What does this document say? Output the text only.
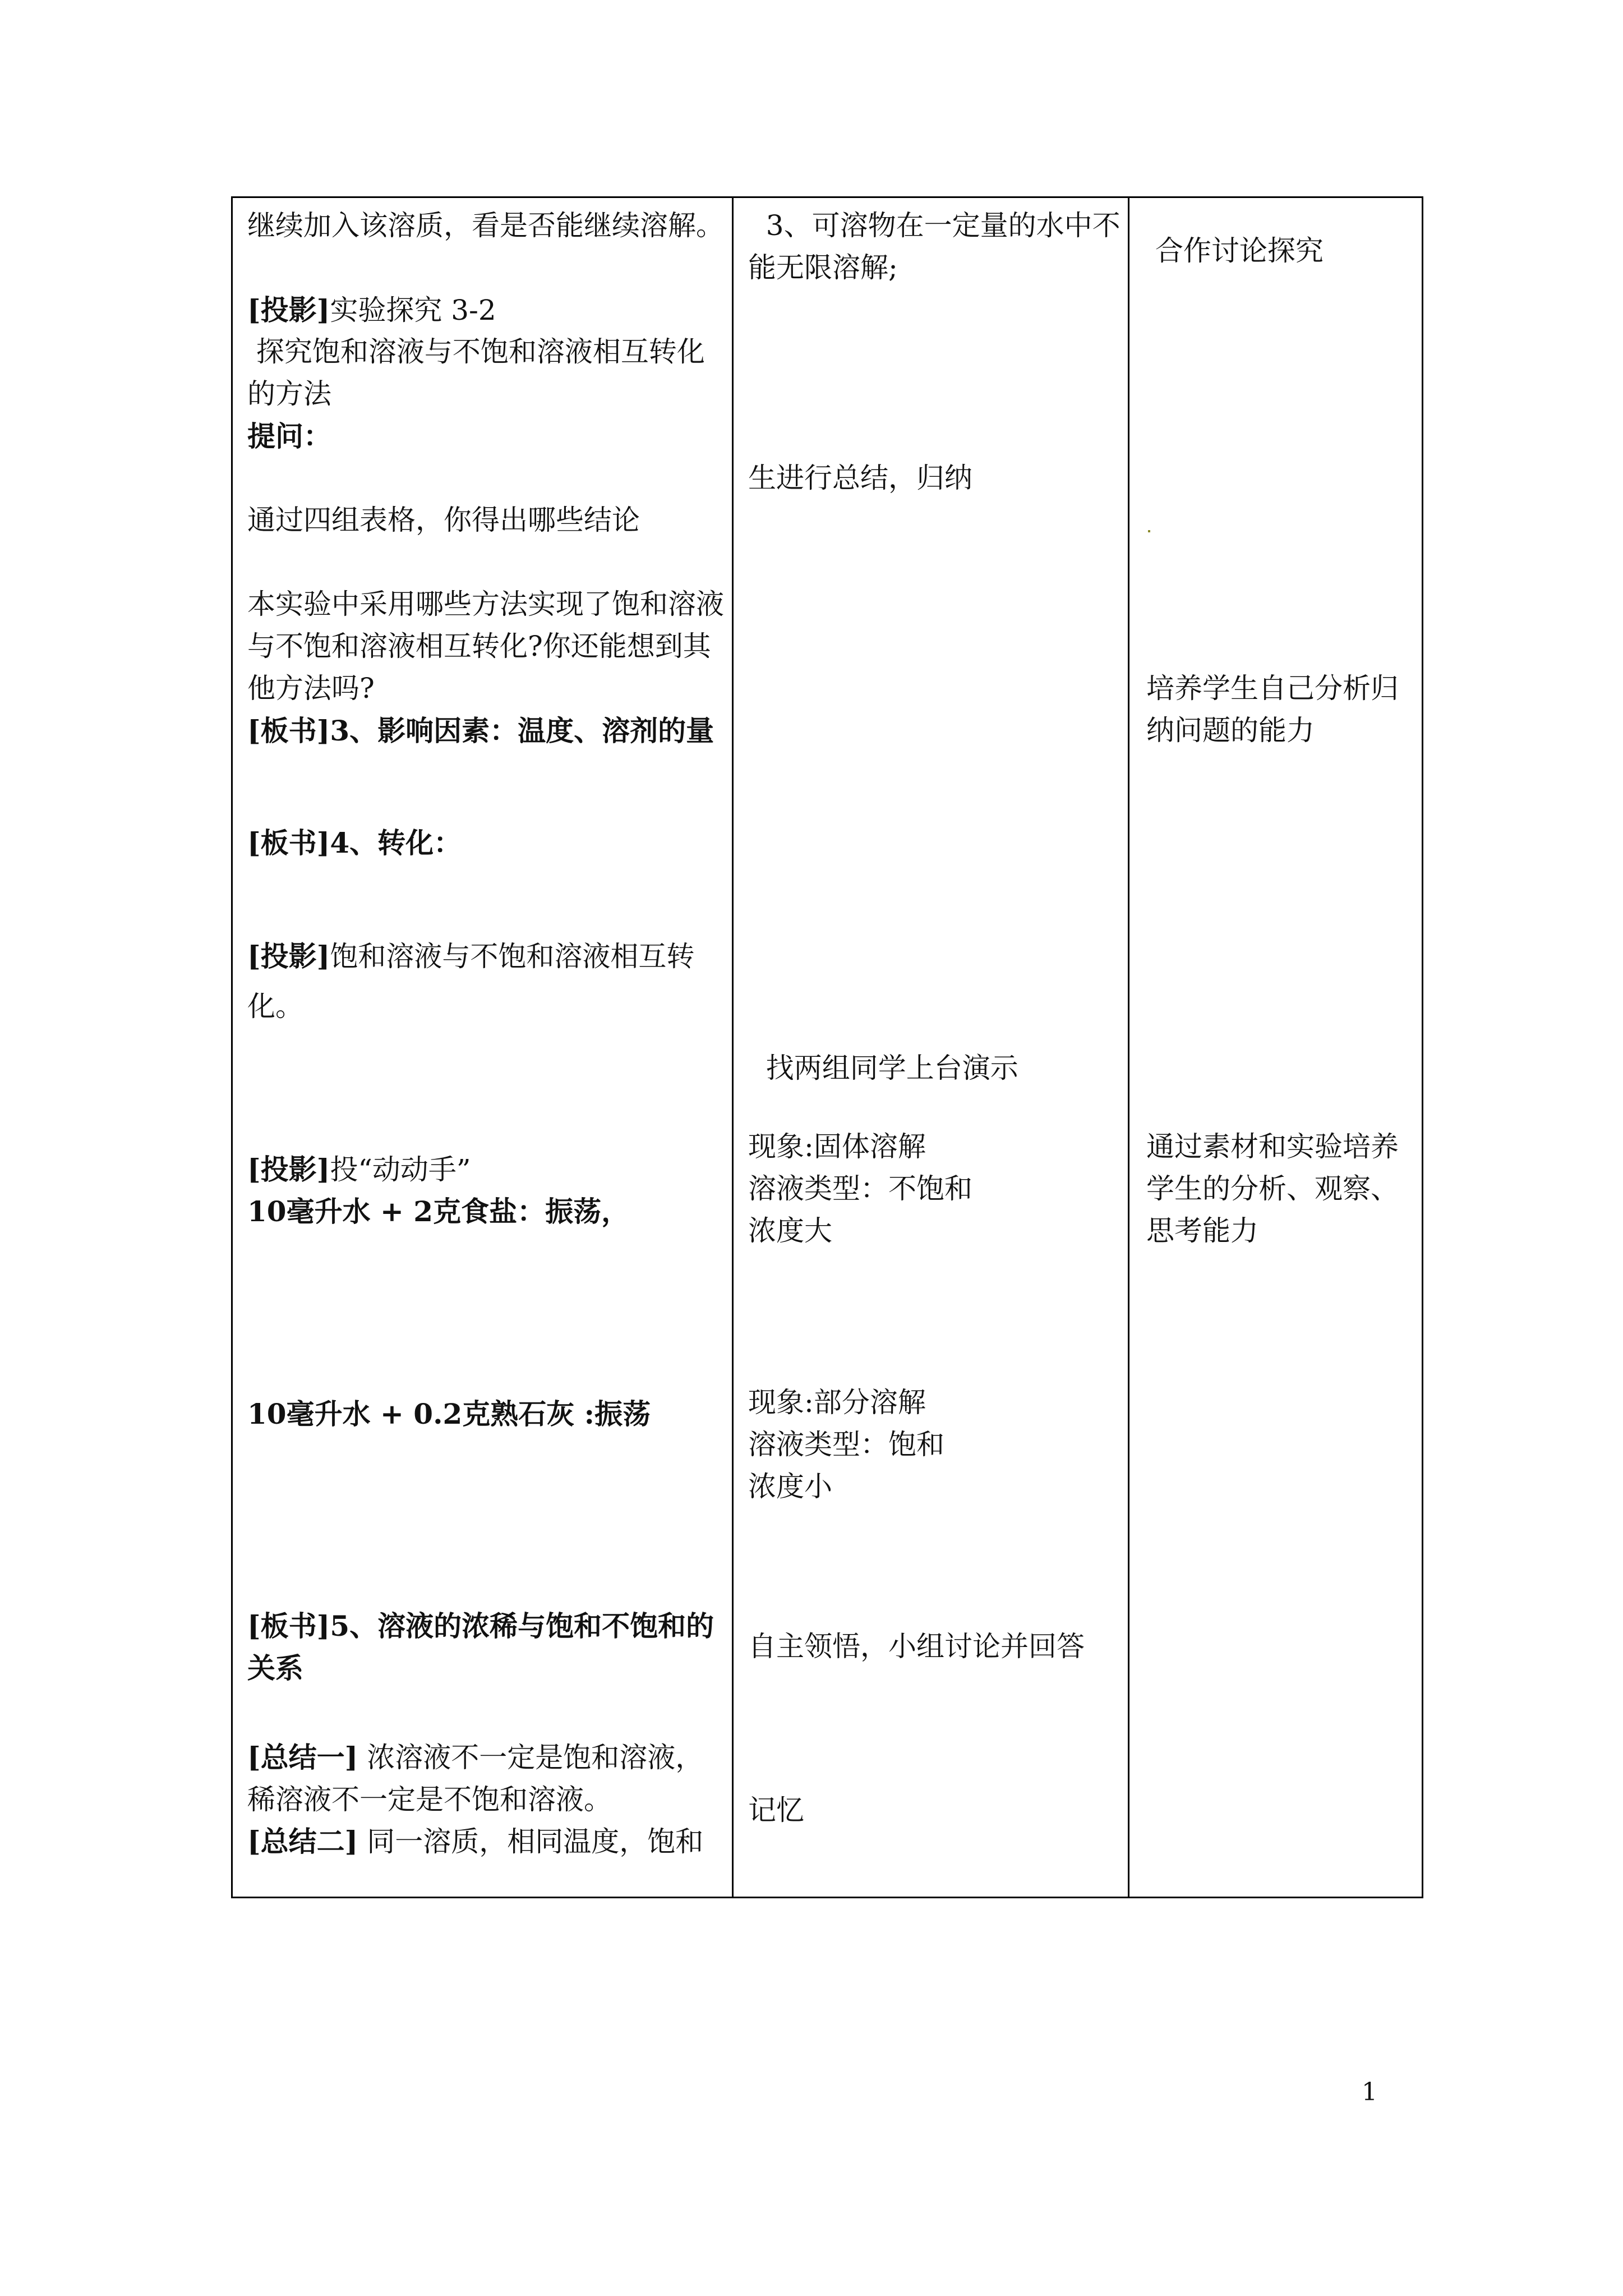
继续加入该溶质，看是否能继续溶解。
[投影]实验探究 3-2
探究饱和溶液与不饱和溶液相互转化的方法
提问：
通过四组表格，你得出哪些结论
本实验中采用哪些方法实现了饱和溶液与不饱和溶液相互转化?你还能想到其他方法吗?
[板书]3、影响因素：温度、溶剂的量
[板书]4、转化：
[投影]饱和溶液与不饱和溶液相互转
化。
[投影]投“动动手”
10毫升水 + 2克食盐：振荡，
10毫升水 + 0.2克熟石灰 :振荡
[板书]5、溶液的浓稀与饱和不饱和的关系
[总结一] 浓溶液不一定是饱和溶液，稀溶液不一定是不饱和溶液。
[总结二] 同一溶质，相同温度，饱和
3、可溶物在一定量的水中不能无限溶解;
生进行总结，归纳
找两组同学上台演示
现象:固体溶解
溶液类型：不饱和
浓度大
现象:部分溶解
溶液类型：饱和
浓度小
自主领悟，小组讨论并回答
记忆
合作讨论探究
培养学生自己分析归纳问题的能力
通过素材和实验培养学生的分析、观察、思考能力
1
